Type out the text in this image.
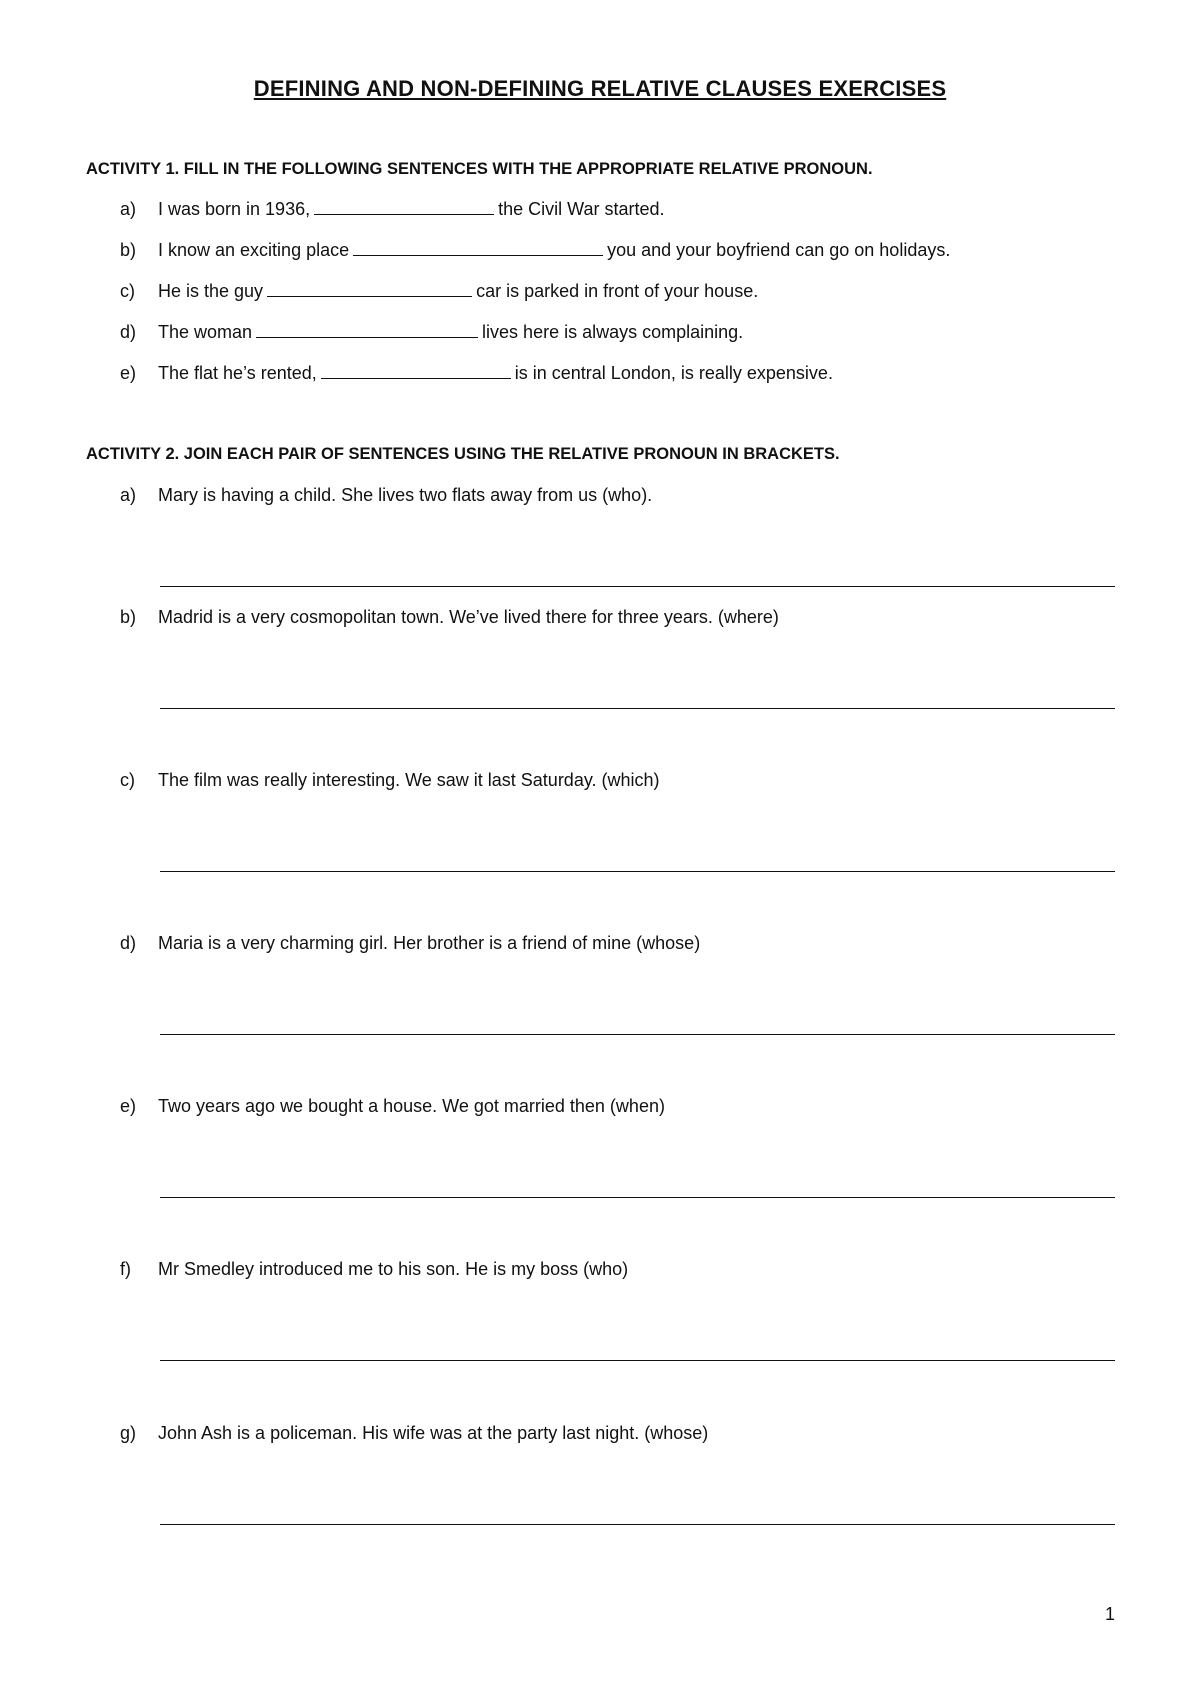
DEFINING AND NON-DEFINING RELATIVE CLAUSES EXERCISES
ACTIVITY 1. FILL IN THE FOLLOWING SENTENCES WITH THE APPROPRIATE RELATIVE PRONOUN.
a) I was born in 1936,	the Civil War started.
b) I know an exciting place	you and your boyfriend can go on holidays.
c) He is the guy	car is parked in front of your house.
d) The woman	lives here is always complaining.
e) The flat he’s rented,	is in central London, is really expensive.
ACTIVITY 2. JOIN EACH PAIR OF SENTENCES USING THE RELATIVE PRONOUN IN BRACKETS.
a) Mary is having a child. She lives two flats away from us (who).
b) Madrid is a very cosmopolitan town. We’ve lived there for three years. (where)
c) The film was really interesting. We saw it last Saturday. (which)
d) Maria is a very charming girl. Her brother is a friend of mine (whose)
e) Two years ago we bought a house. We got married then (when)
f) Mr Smedley introduced me to his son. He is my boss (who)
g) John Ash is a policeman. His wife was at the party last night. (whose)
1
